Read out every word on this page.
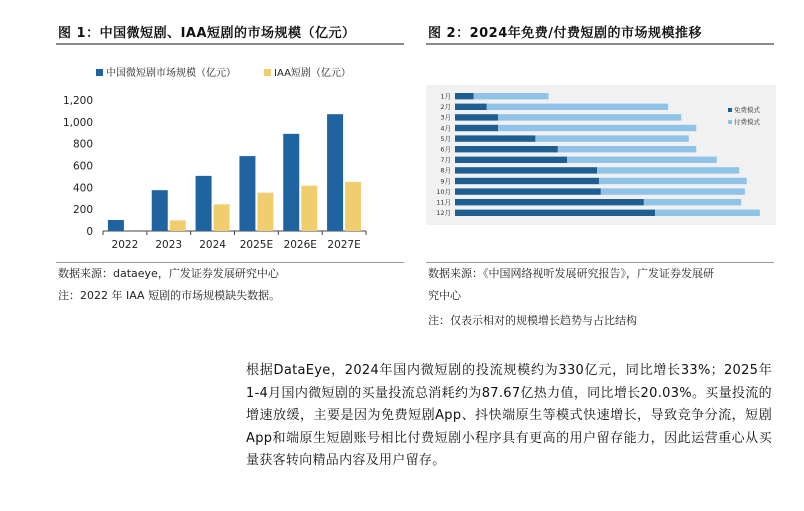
图 1：中国微短剧、IAA短剧的市场规模（亿元）	图 2：2024年免费/付费短剧的市场规模推移
中国微短剧市场规模（亿元）	IAA短剧（亿元）
0
200
400
600
800
1,000
1,200
2022 2023 2024 2025E 2026E 2027E
1月
2月
3月
4月
5月
6月
7月
8月
9月
10月
11月
12月
免费模式
付费模式
数据来源：dataeye，广发证券发展研究中心
注：2022 年 IAA 短剧的市场规模缺失数据。
数据来源：《中国网络视听发展研究报告》，广发证券发展研
究中心
注：仅表示相对的规模增长趋势与占比结构
根据DataEye，2024年国内微短剧的投流规模约为330亿元，同比增长33%；2025年1-4月国内微短剧的买量投流总消耗约为87.67亿热力值，同比增长20.03%。买量投流的增速放缓，主要是因为免费短剧App、抖快端原生等模式快速增长，导致竞争分流，短剧App和端原生短剧账号相比付费短剧小程序具有更高的用户留存能力，因此运营重心从买量获客转向精品内容及用户留存。
